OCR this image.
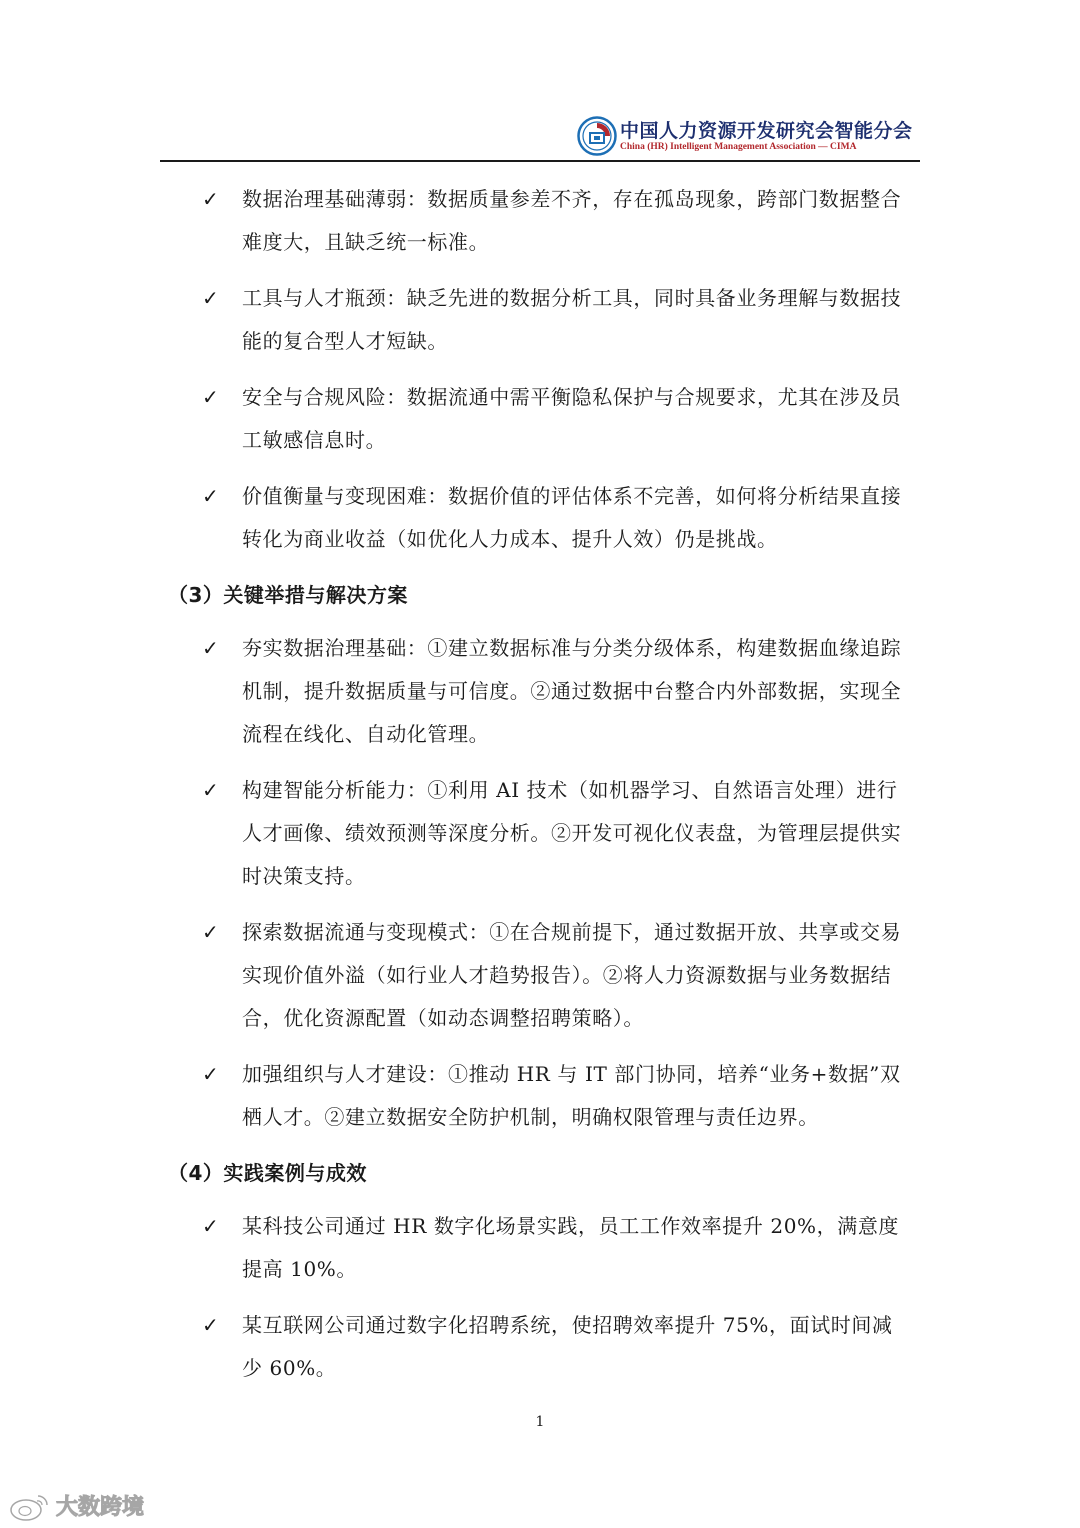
中国人力资源开发研究会智能分会
China (HR) Intelligent Management Association — CIMA
✓ 数据治理基础薄弱：数据质量参差不齐，存在孤岛现象，跨部门数据整合难度大，且缺乏统一标准。
✓ 工具与人才瓶颈：缺乏先进的数据分析工具，同时具备业务理解与数据技能的复合型人才短缺。
✓ 安全与合规风险：数据流通中需平衡隐私保护与合规要求，尤其在涉及员工敏感信息时。
✓ 价值衡量与变现困难：数据价值的评估体系不完善，如何将分析结果直接转化为商业收益（如优化人力成本、提升人效）仍是挑战。
（3）关键举措与解决方案
✓ 夯实数据治理基础：①建立数据标准与分类分级体系，构建数据血缘追踪机制，提升数据质量与可信度。②通过数据中台整合内外部数据，实现全流程在线化、自动化管理。
✓ 构建智能分析能力：①利用 AI 技术（如机器学习、自然语言处理）进行人才画像、绩效预测等深度分析。②开发可视化仪表盘，为管理层提供实时决策支持。
✓ 探索数据流通与变现模式：①在合规前提下，通过数据开放、共享或交易实现价值外溢（如行业人才趋势报告）。②将人力资源数据与业务数据结合，优化资源配置（如动态调整招聘策略）。
✓ 加强组织与人才建设：①推动 HR 与 IT 部门协同，培养“业务+数据”双栖人才。②建立数据安全防护机制，明确权限管理与责任边界。
（4）实践案例与成效
✓ 某科技公司通过 HR 数字化场景实践，员工工作效率提升 20%，满意度提高 10%。
✓ 某互联网公司通过数字化招聘系统，使招聘效率提升 75%，面试时间减少 60%。
1
大数跨境
